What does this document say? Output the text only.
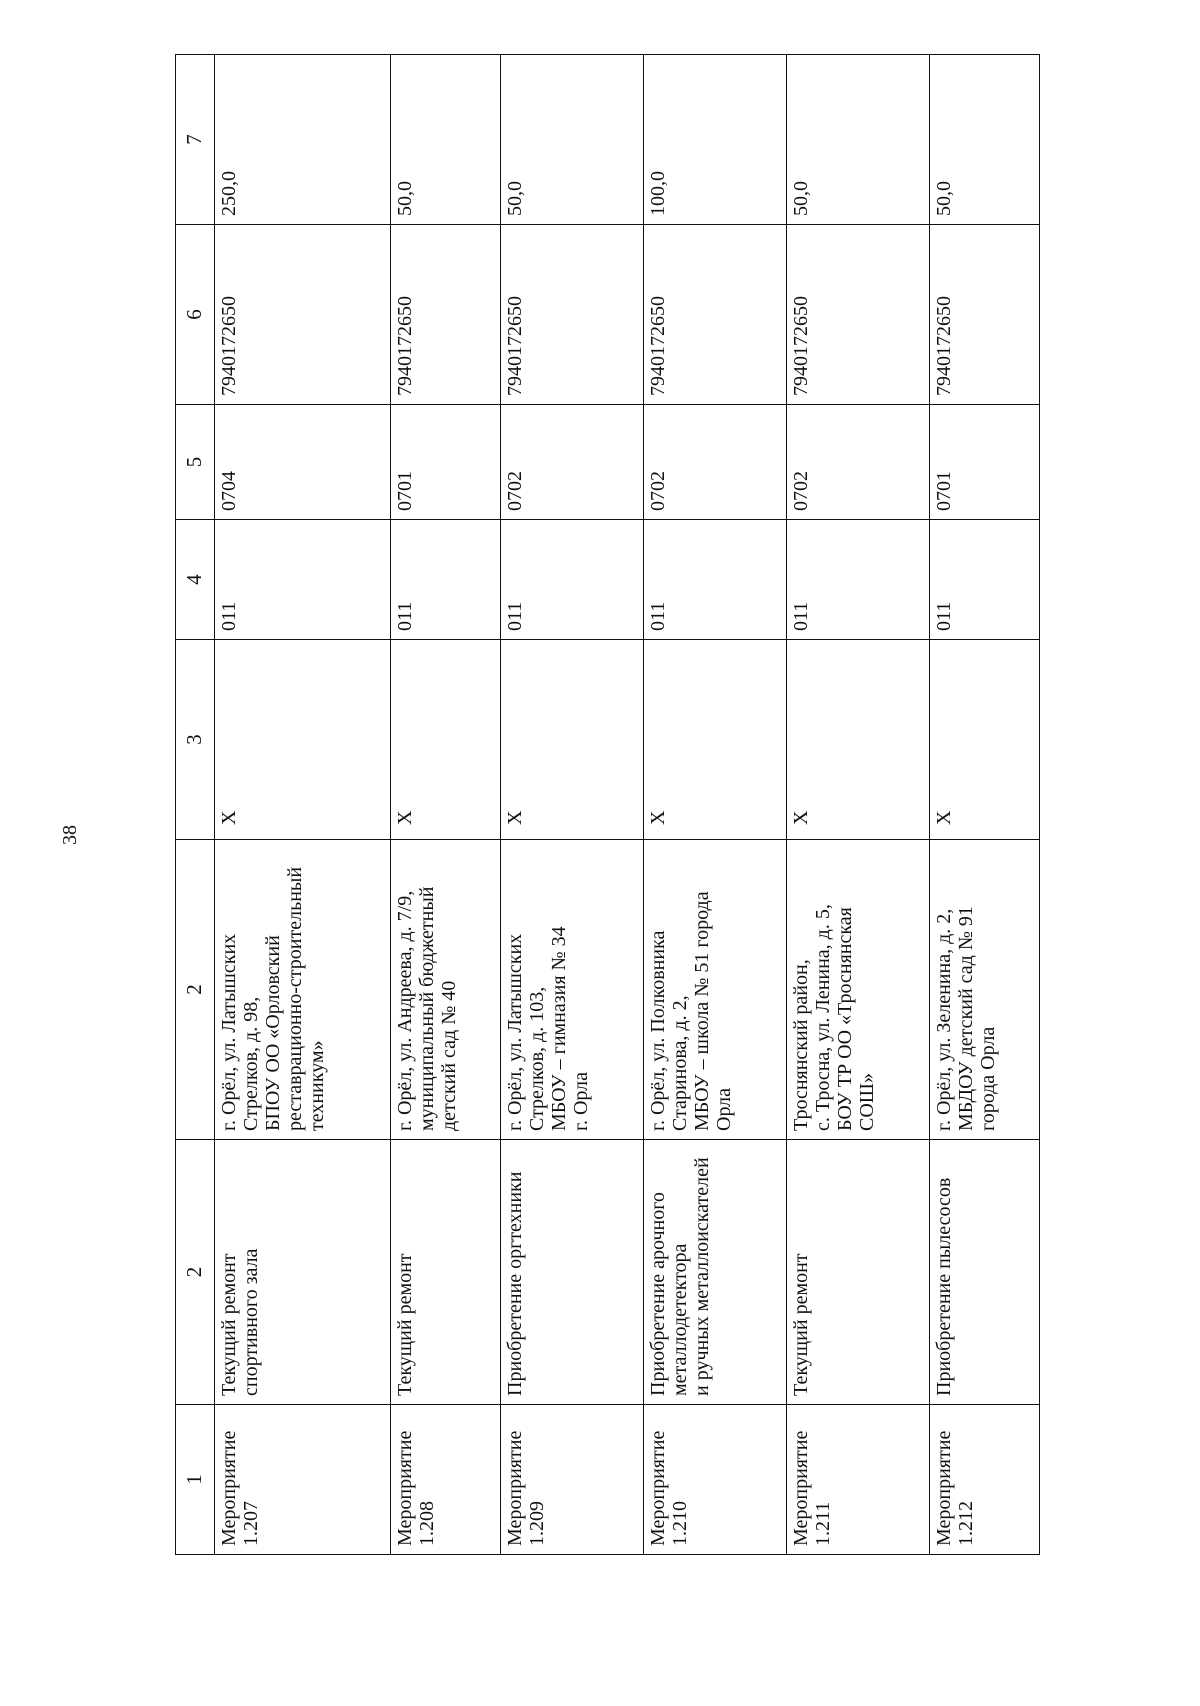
38
1	2	2	3	4	5	6	7
Мероприятие 1.207	Текущий ремонт спортивного зала	г. Орёл, ул. Латышских Стрелков, д. 98,
БПОУ ОО «Орловский реставрационно-строительный техникум»	Х	011	0704	7940172650	250,0
Мероприятие 1.208	Текущий ремонт	г. Орёл, ул. Андреева, д. 7/9, муниципальный бюджетный детский сад № 40	Х	011	0701	7940172650	50,0
Мероприятие 1.209	Приобретение оргтехники	г. Орёл, ул. Латышских Стрелков, д. 103,
МБОУ – гимназия № 34
г. Орла	Х	011	0702	7940172650	50,0
Мероприятие 1.210	Приобретение арочного металлодетектора
и ручных металлоискателей	г. Орёл, ул. Полковника Старинова, д. 2,
МБОУ – школа № 51 города Орла	Х	011	0702	7940172650	100,0
Мероприятие 1.211	Текущий ремонт	Троснянский район,
с. Тросна, ул. Ленина, д. 5,
БОУ ТР ОО «Троснянская СОШ»	Х	011	0702	7940172650	50,0
Мероприятие 1.212	Приобретение пылесосов	г. Орёл, ул. Зеленина, д. 2,
МБДОУ детский сад № 91 города Орла	Х	011	0701	7940172650	50,0
